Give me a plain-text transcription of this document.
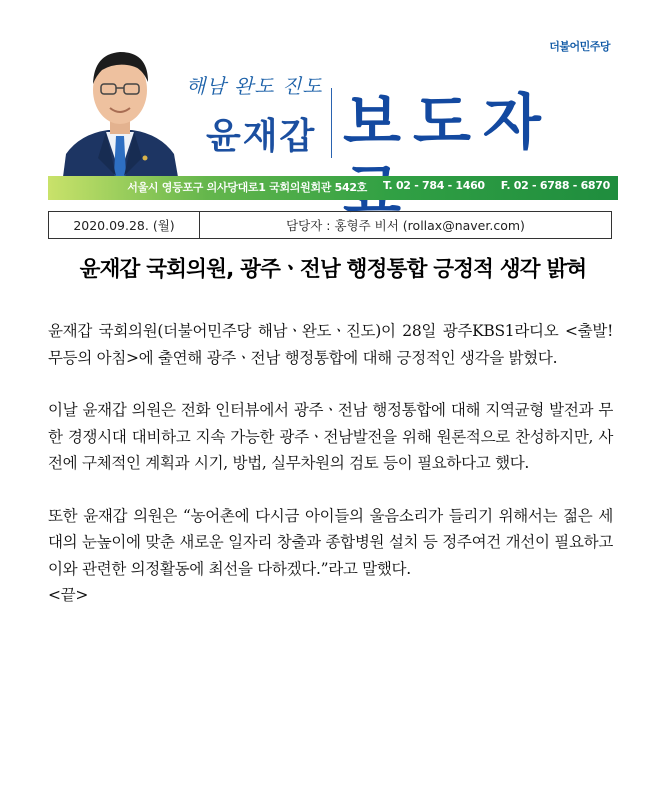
더불어민주당
해남 완도 진도
윤재갑 보도자
서울시 영등포구 의사당대로1 국회의원회관 542호 T. 02 - 784 - 1460 F. 02 - 6788 - 6870
2020.09.28. (월)	담당자 : 홍형주 비서 (rollax@naver.com)
윤재갑 국회의원, 광주ㆍ전남 행정통합 긍정적 생각 밝혀

윤재갑 국회의원(더불어민주당 해남ㆍ완도ㆍ진도)이 28일 광주KBS1라디오 <출발! 무등의 아침>에 출연해 광주ㆍ전남 행정통합에 대해 긍정적인 생각을 밝혔다.

이날 윤재갑 의원은 전화 인터뷰에서 광주ㆍ전남 행정통합에 대해 지역균형 발전과 무한 경쟁시대 대비하고 지속 가능한 광주ㆍ전남발전을 위해 원론적으로 찬성하지만, 사전에 구체적인 계획과 시기, 방법, 실무차원의 검토 등이 필요하다고 했다.

또한 윤재갑 의원은 “농어촌에 다시금 아이들의 울음소리가 들리기 위해서는 젊은 세대의 눈높이에 맞춘 새로운 일자리 창출과 종합병원 설치 등 정주여건 개선이 필요하고 이와 관련한 의정활동에 최선을 다하겠다.”라고 말했다.

<끝>
